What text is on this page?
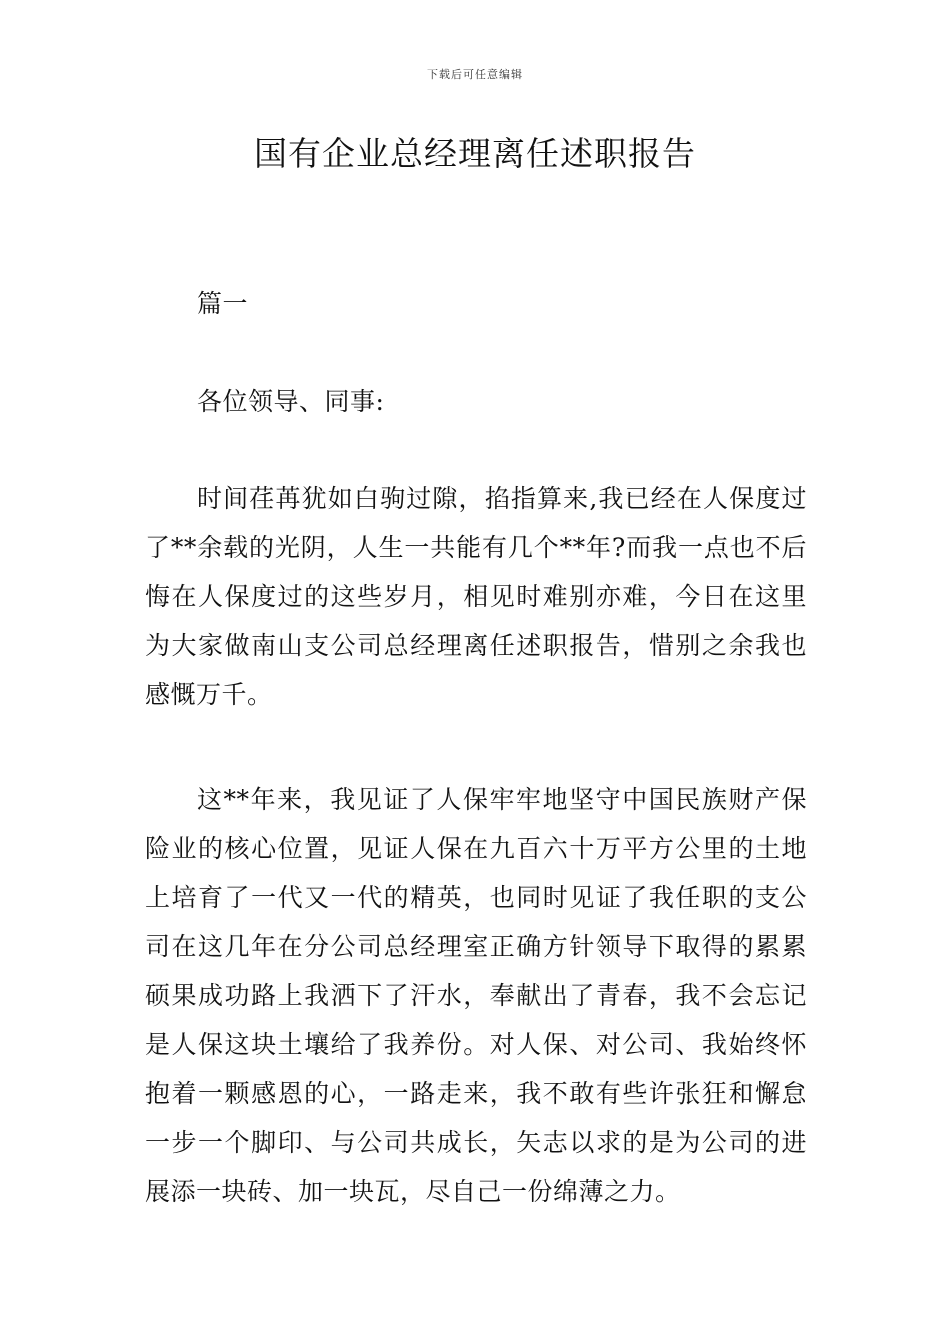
下载后可任意编辑
国有企业总经理离任述职报告

篇一

各位领导、同事:

时间荏苒犹如白驹过隙，掐指算来,我已经在人保度过了**余载的光阴，人生一共能有几个**年?而我一点也不后悔在人保度过的这些岁月，相见时难别亦难，今日在这里为大家做南山支公司总经理离任述职报告，惜别之余我也感慨万千。

这**年来，我见证了人保牢牢地坚守中国民族财产保险业的核心位置，见证人保在九百六十万平方公里的土地上培育了一代又一代的精英，也同时见证了我任职的支公司在这几年在分公司总经理室正确方针领导下取得的累累硕果成功路上我洒下了汗水，奉献出了青春，我不会忘记是人保这块土壤给了我养份。对人保、对公司、我始终怀抱着一颗感恩的心，一路走来，我不敢有些许张狂和懈怠一步一个脚印、与公司共成长，矢志以求的是为公司的进展添一块砖、加一块瓦，尽自己一份绵薄之力。
